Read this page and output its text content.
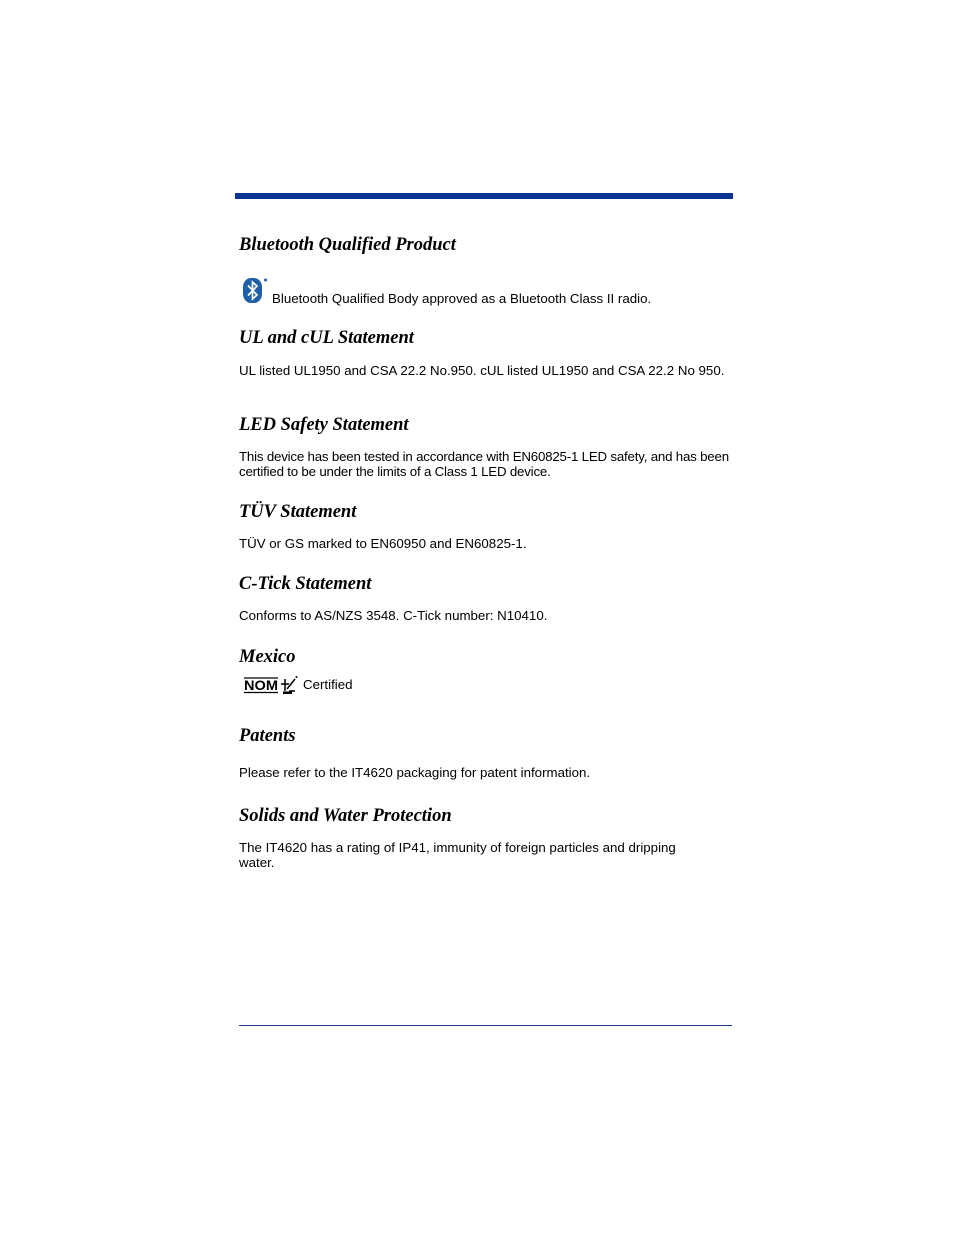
Bluetooth Qualified Product
Bluetooth Qualified Body approved as a Bluetooth Class II radio.
UL and cUL Statement

UL listed UL1950 and CSA 22.2 No.950. cUL listed UL1950 and CSA 22.2 No 950.

LED Safety Statement

This device has been tested in accordance with EN60825-1 LED safety, and has been certified to be under the limits of a Class 1 LED device.

TÜV Statement

TÜV or GS marked to EN60950 and EN60825-1.

C-Tick Statement

Conforms to AS/NZS 3548. C-Tick number: N10410.

Mexico
NOM Certified
Patents

Please refer to the IT4620 packaging for patent information.

Solids and Water Protection

The IT4620 has a rating of IP41, immunity of foreign particles and dripping water.
